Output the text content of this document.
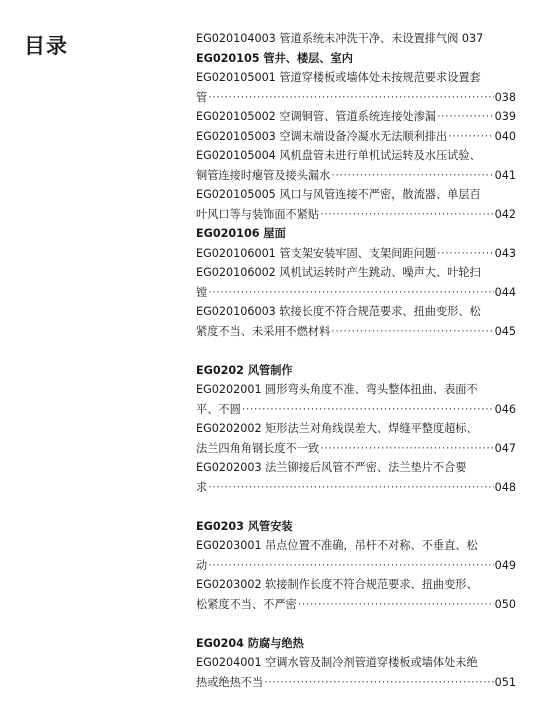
目录	EG020104003 管道系统未冲洗干净、未设置排气阀 037
EG020105 管井、楼层、室内
EG020105001 管道穿楼板或墙体处未按规范要求设置套
管 ·····	038
EG020105002 空调铜管、管道系统连接处渗漏 ·····	039
EG020105003 空调末端设备冷凝水无法顺利排出 ·····	040
EG020105004 风机盘管未进行单机试运转及水压试验、
铜管连接时瘪管及接头漏水 ·····	041
EG020105005 风口与风管连接不严密，散流器、单层百
叶风口等与装饰面不紧贴 ·····	042
EG020106 屋面
EG020106001 管支架安装牢固、支架间距问题 ·····	043
EG020106002 风机试运转时产生跳动、噪声大、叶轮扫
镗 ·····	044
EG020106003 软接长度不符合规范要求、扭曲变形、松
紧度不当、未采用不燃材料 ·····	045
EG0202 风管制作
EG0202001 圆形弯头角度不准、弯头整体扭曲、表面不
平、不圆 ·····	046
EG0202002 矩形法兰对角线误差大、焊缝平整度超标、
法兰四角角钢长度不一致 ·····	047
EG0202003 法兰铆接后风管不严密、法兰垫片不合要
求 ·····	048
EG0203 风管安装
EG0203001 吊点位置不准确，吊杆不对称、不垂直、松
动 ·····	049
EG0203002 软接制作长度不符合规范要求、扭曲变形、
松紧度不当、不严密 ·····	050
EG0204 防腐与绝热
EG0204001 空调水管及制冷剂管道穿楼板或墙体处未绝
热或绝热不当 ·····	051
